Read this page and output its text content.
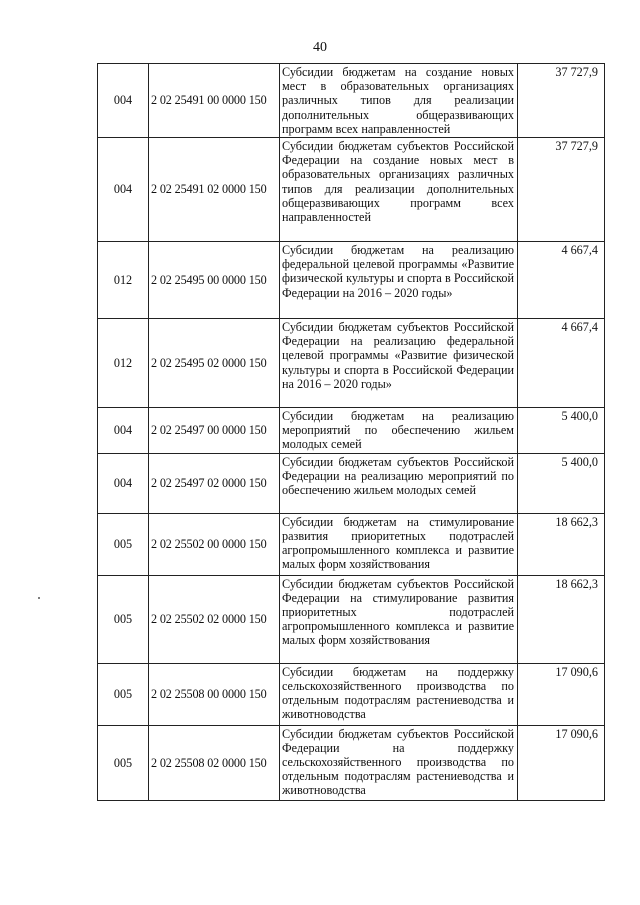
40
004	2 02 25491 00 0000 150	Субсидии бюджетам на создание новых мест в образовательных организациях различных типов для реализации дополнительных общеразвивающих программ всех направленностей	37 727,9
004	2 02 25491 02 0000 150	Субсидии бюджетам субъектов Российской Федерации на создание новых мест в образовательных организациях различных типов для реализации дополнительных общеразвивающих программ всех направленностей	37 727,9
012	2 02 25495 00 0000 150	Субсидии бюджетам на реализацию федеральной целевой программы «Развитие физической культуры и спорта в Российской Федерации на 2016 – 2020 годы»	4 667,4
012	2 02 25495 02 0000 150	Субсидии бюджетам субъектов Российской Федерации на реализацию федеральной целевой программы «Развитие физической культуры и спорта в Российской Федерации на 2016 – 2020 годы»	4 667,4
004	2 02 25497 00 0000 150	Субсидии бюджетам на реализацию мероприятий по обеспечению жильем молодых семей	5 400,0
004	2 02 25497 02 0000 150	Субсидии бюджетам субъектов Российской Федерации на реализацию мероприятий по обеспечению жильем молодых семей	5 400,0
005	2 02 25502 00 0000 150	Субсидии бюджетам на стимулирование развития приоритетных подотраслей агропромышленного комплекса и развитие малых форм хозяйствования	18 662,3
005	2 02 25502 02 0000 150	Субсидии бюджетам субъектов Российской Федерации на стимулирование развития приоритетных подотраслей агропромышленного комплекса и развитие малых форм хозяйствования	18 662,3
005	2 02 25508 00 0000 150	Субсидии бюджетам на поддержку сельскохозяйственного производства по отдельным подотраслям растениеводства и животноводства	17 090,6
005	2 02 25508 02 0000 150	Субсидии бюджетам субъектов Российской Федерации на поддержку сельскохозяйственного производства по отдельным подотраслям растениеводства и животноводства	17 090,6
